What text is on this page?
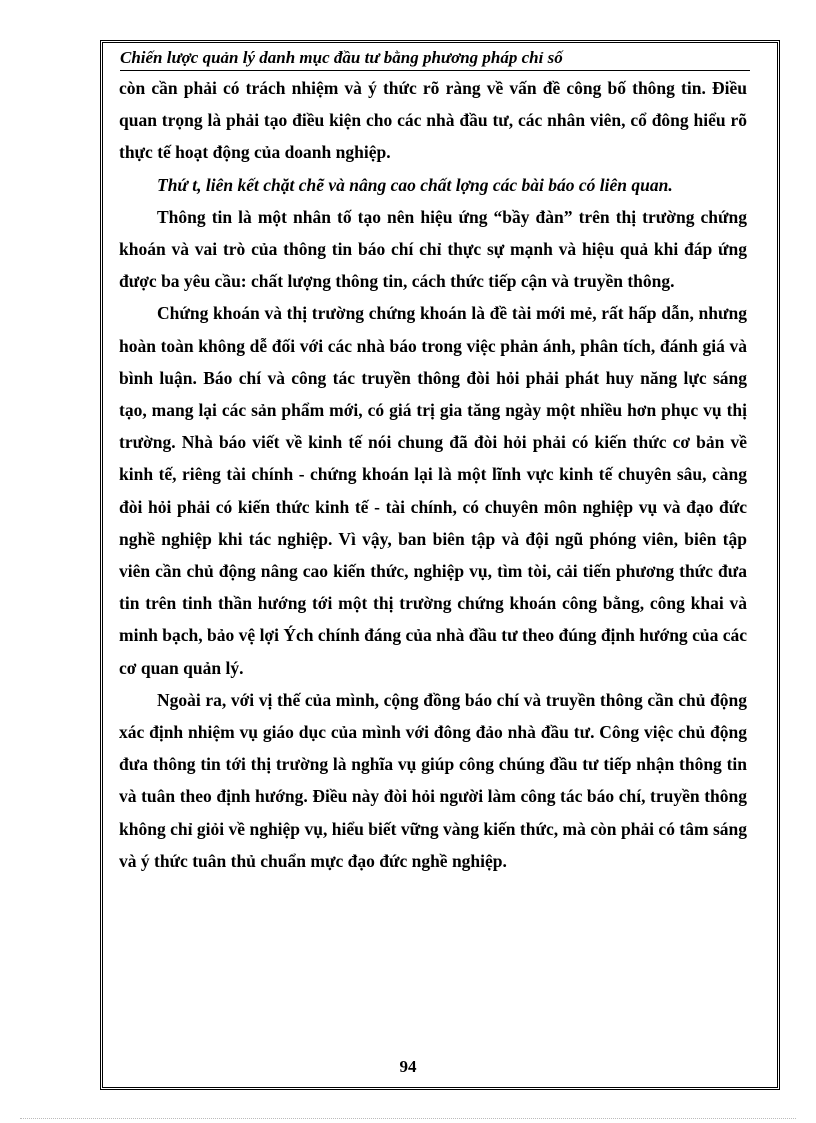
Chiến lược quản lý danh mục đầu tư bằng phương pháp chỉ số

còn cần phải có trách nhiệm và ý thức rõ ràng về vấn đề công bố thông tin. Điều quan trọng là phải tạo điều kiện cho các nhà đầu tư, các nhân viên, cổ đông hiểu rõ thực tế hoạt động của doanh nghiệp.

Thứ t, liên kết chặt chẽ và nâng cao chất lợng các bài báo có liên quan.

Thông tin là một nhân tố tạo nên hiệu ứng “bầy đàn” trên thị trường chứng khoán và vai trò của thông tin báo chí chỉ thực sự mạnh và hiệu quả khi đáp ứng được ba yêu cầu: chất lượng thông tin, cách thức tiếp cận và truyền thông.

Chứng khoán và thị trường chứng khoán là đề tài mới mẻ, rất hấp dẫn, nhưng hoàn toàn không dễ đối với các nhà báo trong việc phản ánh, phân tích, đánh giá và bình luận. Báo chí và công tác truyền thông đòi hỏi phải phát huy năng lực sáng tạo, mang lại các sản phẩm mới, có giá trị gia tăng ngày một nhiều hơn phục vụ thị trường. Nhà báo viết về kinh tế nói chung đã đòi hỏi phải có kiến thức cơ bản về kinh tế, riêng tài chính - chứng khoán lại là một lĩnh vực kinh tế chuyên sâu, càng đòi hỏi phải có kiến thức kinh tế - tài chính, có chuyên môn nghiệp vụ và đạo đức nghề nghiệp khi tác nghiệp. Vì vậy, ban biên tập và đội ngũ phóng viên, biên tập viên cần chủ động nâng cao kiến thức, nghiệp vụ, tìm tòi, cải tiến phương thức đưa tin trên tinh thần hướng tới một thị trường chứng khoán công bằng, công khai và minh bạch, bảo vệ lợi Ých chính đáng của nhà đầu tư theo đúng định hướng của các cơ quan quản lý.

Ngoài ra, với vị thế của mình, cộng đồng báo chí và truyền thông cần chủ động xác định nhiệm vụ giáo dục của mình với đông đảo nhà đầu tư. Công việc chủ động đưa thông tin tới thị trường là nghĩa vụ giúp công chúng đầu tư tiếp nhận thông tin và tuân theo định hướng. Điều này đòi hỏi người làm công tác báo chí, truyền thông không chỉ giỏi về nghiệp vụ, hiểu biết vững vàng kiến thức, mà còn phải có tâm sáng và ý thức tuân thủ chuẩn mực đạo đức nghề nghiệp.

94
